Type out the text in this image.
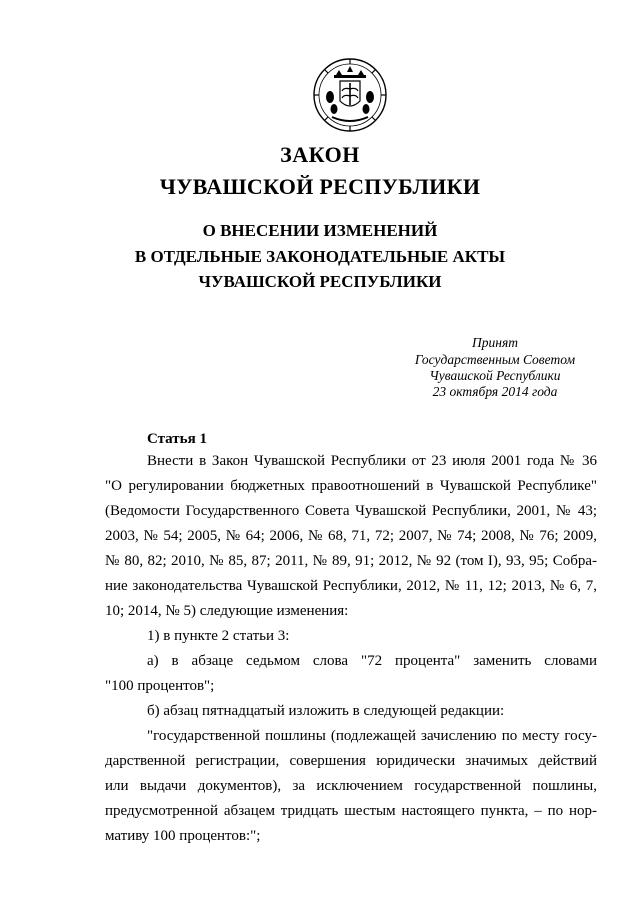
ЗАКОН
ЧУВАШСКОЙ РЕСПУБЛИКИ
О ВНЕСЕНИИ ИЗМЕНЕНИЙ
В ОТДЕЛЬНЫЕ ЗАКОНОДАТЕЛЬНЫЕ АКТЫ
ЧУВАШСКОЙ РЕСПУБЛИКИ
Принят
Государственным Советом
Чувашской Республики
23 октября 2014 года
Статья 1
Внести в Закон Чувашской Республики от 23 июля 2001 года № 36
"О регулировании бюджетных правоотношений в Чувашской Республике"
(Ведомости Государственного Совета Чувашской Республики, 2001, № 43;
2003, № 54; 2005, № 64; 2006, № 68, 71, 72; 2007, № 74; 2008, № 76; 2009,
№ 80, 82; 2010, № 85, 87; 2011, № 89, 91; 2012, № 92 (том I), 93, 95; Собра-
ние законодательства Чувашской Республики, 2012, № 11, 12; 2013, № 6, 7,
10; 2014, № 5) следующие изменения:
1) в пункте 2 статьи 3:
а) в абзаце седьмом слова "72 процента" заменить словами
"100 процентов";
б) абзац пятнадцатый изложить в следующей редакции:
"государственной пошлины (подлежащей зачислению по месту госу-
дарственной регистрации, совершения юридически значимых действий
или выдачи документов), за исключением государственной пошлины,
предусмотренной абзацем тридцать шестым настоящего пункта, – по нор-
мативу 100 процентов:";
